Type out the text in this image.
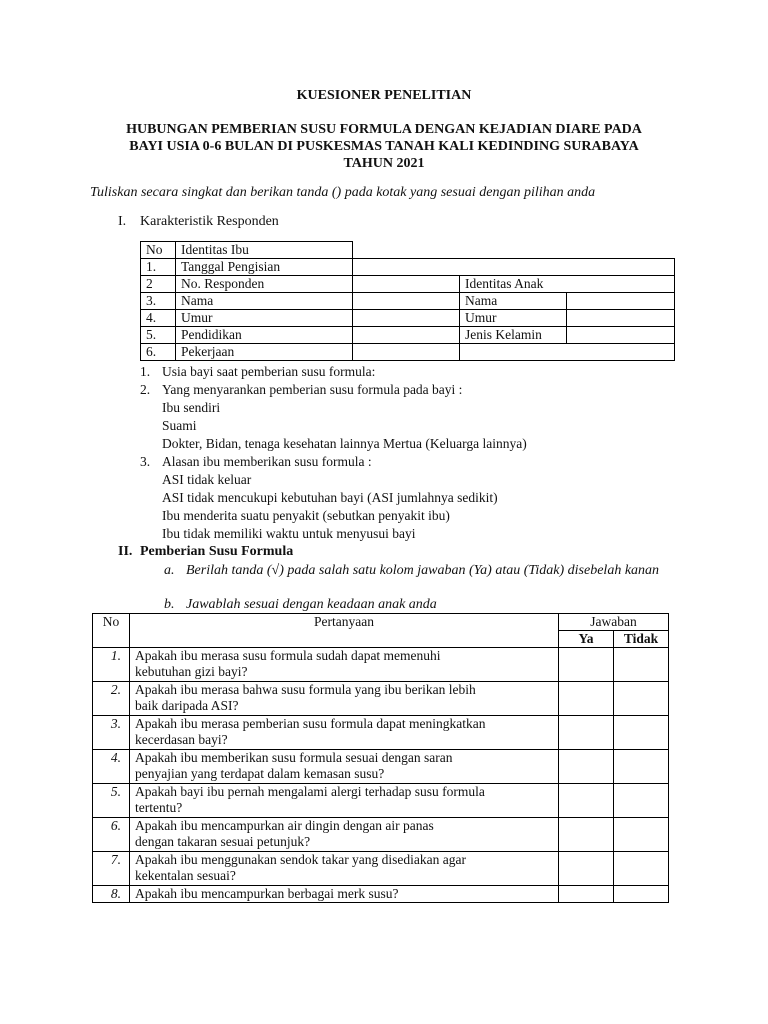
KUESIONER PENELITIAN
HUBUNGAN PEMBERIAN SUSU FORMULA DENGAN KEJADIAN DIARE PADA
BAYI USIA 0-6 BULAN DI PUSKESMAS TANAH KALI KEDINDING SURABAYA
TAHUN 2021
Tuliskan secara singkat dan berikan tanda () pada kotak yang sesuai dengan pilihan anda
I. Karakteristik Responden
No	Identitas Ibu			
1.	Tanggal Pengisian			
2	No. Responden		Identitas Anak	
3.	Nama		Nama	
4.	Umur		Umur	
5.	Pendidikan		Jenis Kelamin	
6.	Pekerjaan			
1. Usia bayi saat pemberian susu formula:
2. Yang menyarankan pemberian susu formula pada bayi :
Ibu sendiri
Suami
Dokter, Bidan, tenaga kesehatan lainnya Mertua (Keluarga lainnya)
3. Alasan ibu memberikan susu formula :
ASI tidak keluar
ASI tidak mencukupi kebutuhan bayi (ASI jumlahnya sedikit)
Ibu menderita suatu penyakit (sebutkan penyakit ibu)
Ibu tidak memiliki waktu untuk menyusui bayi
II. Pemberian Susu Formula
a. Berilah tanda (√) pada salah satu kolom jawaban (Ya) atau (Tidak) disebelah kanan
b. Jawablah sesuai dengan keadaan anak anda
No	Pertanyaan	Jawaban	
		Ya	Tidak
1.	Apakah ibu merasa susu formula sudah dapat memenuhi
kebutuhan gizi bayi?		

2.	Apakah ibu merasa bahwa susu formula yang ibu berikan lebih
baik daripada ASI?		

3.	Apakah ibu merasa pemberian susu formula dapat meningkatkan
kecerdasan bayi?		

4.	Apakah ibu memberikan susu formula sesuai dengan saran
penyajian yang terdapat dalam kemasan susu?		

5.	Apakah bayi ibu pernah mengalami alergi terhadap susu formula
tertentu?		

6.	Apakah ibu mencampurkan air dingin dengan air panas
dengan takaran sesuai petunjuk?		

7.	Apakah ibu menggunakan sendok takar yang disediakan agar
kekentalan sesuai?		

8.	Apakah ibu mencampurkan berbagai merk susu?		
